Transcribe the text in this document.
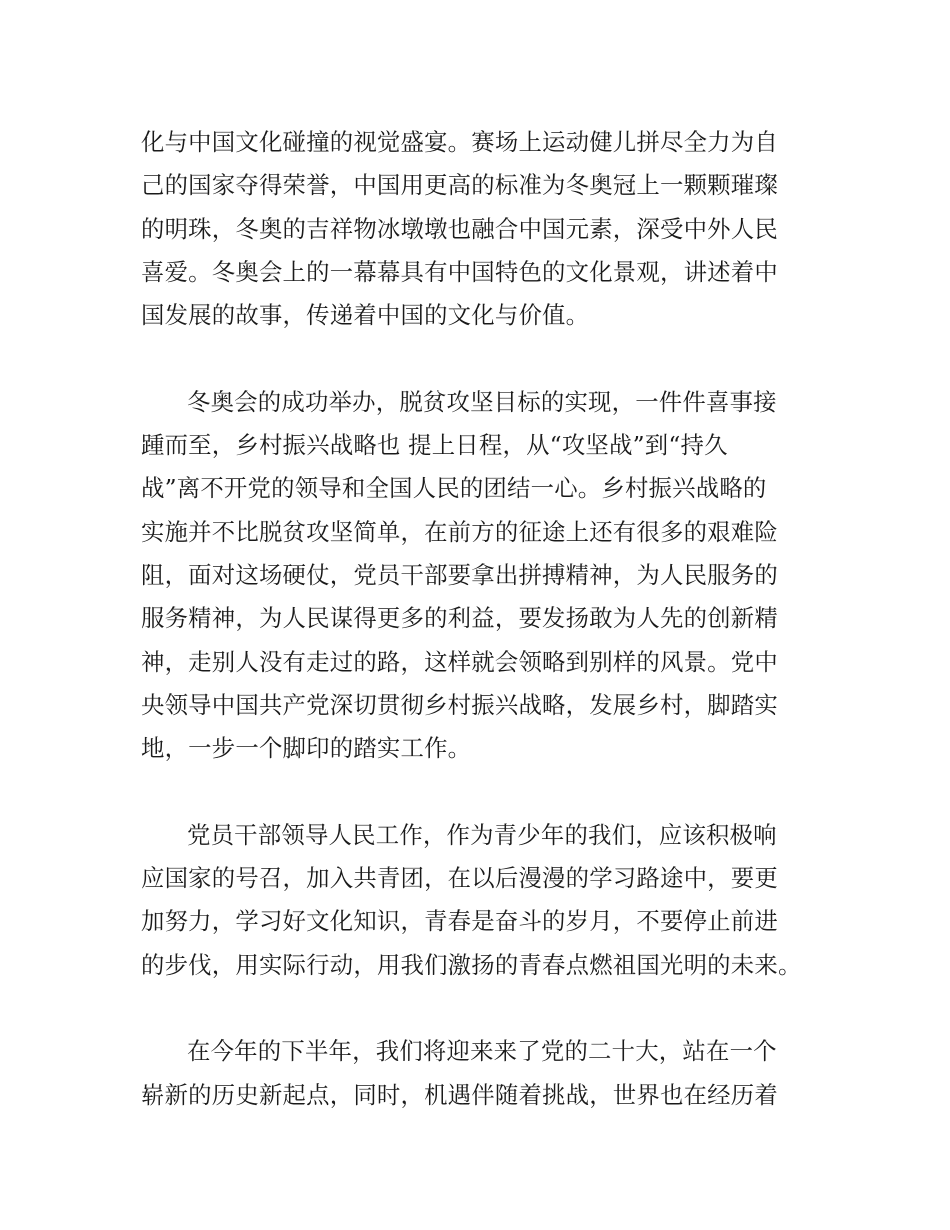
化与中国文化碰撞的视觉盛宴。赛场上运动健儿拼尽全力为自
己的国家夺得荣誉，中国用更高的标准为冬奥冠上一颗颗璀璨
的明珠，冬奥的吉祥物冰墩墩也融合中国元素，深受中外人民
喜爱。冬奥会上的一幕幕具有中国特色的文化景观，讲述着中
国发展的故事，传递着中国的文化与价值。

冬奥会的成功举办，脱贫攻坚目标的实现，一件件喜事接
踵而至，乡村振兴战略也 提上日程，从“攻坚战”到“持久
战”离不开党的领导和全国人民的团结一心。乡村振兴战略的
实施并不比脱贫攻坚简单，在前方的征途上还有很多的艰难险
阻，面对这场硬仗，党员干部要拿出拼搏精神，为人民服务的
服务精神，为人民谋得更多的利益，要发扬敢为人先的创新精
神，走别人没有走过的路，这样就会领略到别样的风景。党中
央领导中国共产党深切贯彻乡村振兴战略，发展乡村，脚踏实
地，一步一个脚印的踏实工作。

党员干部领导人民工作，作为青少年的我们，应该积极响
应国家的号召，加入共青团，在以后漫漫的学习路途中，要更
加努力，学习好文化知识，青春是奋斗的岁月，不要停止前进
的步伐，用实际行动，用我们激扬的青春点燃祖国光明的未来。

在今年的下半年，我们将迎来来了党的二十大，站在一个
崭新的历史新起点，同时，机遇伴随着挑战，世界也在经历着
